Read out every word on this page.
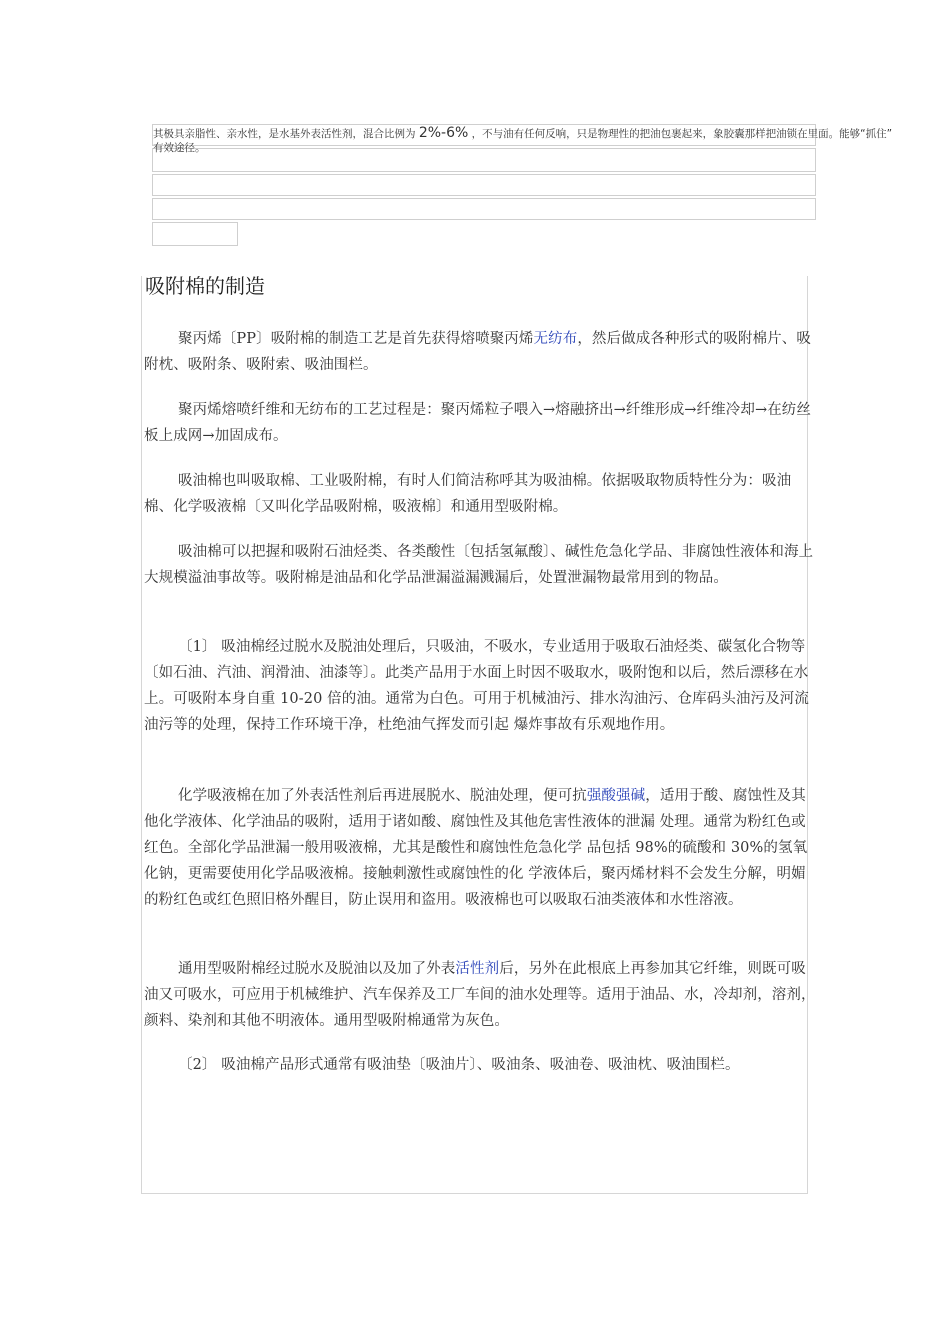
其极具亲脂性、亲水性，是水基外表活性剂，混合比例为 2%-6% ，不与油有任何反响，只是物理性的把油包裹起来，象胶囊那样把油锁在里面。能够“抓住”
有效途径。
吸附棉的制造

聚丙烯〔PP〕吸附棉的制造工艺是首先获得熔喷聚丙烯无纺布，然后做成各种形式的吸附棉片、吸附枕、吸附条、吸附索、吸油围栏。

聚丙烯熔喷纤维和无纺布的工艺过程是：聚丙烯粒子喂入→熔融挤出→纤维形成→纤维冷却→在纺丝板上成网→加固成布。

吸油棉也叫吸取棉、工业吸附棉，有时人们简洁称呼其为吸油棉。依据吸取物质特性分为：吸油棉、化学吸液棉〔又叫化学品吸附棉，吸液棉〕和通用型吸附棉。

吸油棉可以把握和吸附石油烃类、各类酸性〔包括氢氟酸〕、碱性危急化学品、非腐蚀性液体和海上大规模溢油事故等。吸附棉是油品和化学品泄漏溢漏溅漏后，处置泄漏物最常用到的物品。

〔1〕 吸油棉经过脱水及脱油处理后，只吸油，不吸水，专业适用于吸取石油烃类、碳氢化合物等〔如石油、汽油、润滑油、油漆等〕。此类产品用于水面上时因不吸取水，吸附饱和以后，然后漂移在水上。可吸附本身自重 10-20 倍的油。通常为白色。可用于机械油污、排水沟油污、仓库码头油污及河流油污等的处理，保持工作环境干净，杜绝油气挥发而引起 爆炸事故有乐观地作用。

化学吸液棉在加了外表活性剂后再进展脱水、脱油处理，便可抗强酸强碱，适用于酸、腐蚀性及其他化学液体、化学油品的吸附，适用于诸如酸、腐蚀性及其他危害性液体的泄漏 处理。通常为粉红色或红色。全部化学品泄漏一般用吸液棉，尤其是酸性和腐蚀性危急化学 品包括 98%的硫酸和 30%的氢氧化钠，更需要使用化学品吸液棉。接触刺激性或腐蚀性的化 学液体后，聚丙烯材料不会发生分解，明媚的粉红色或红色照旧格外醒目，防止误用和盗用。吸液棉也可以吸取石油类液体和水性溶液。

通用型吸附棉经过脱水及脱油以及加了外表活性剂后，另外在此根底上再参加其它纤维，则既可吸油又可吸水，可应用于机械维护、汽车保养及工厂车间的油水处理等。适用于油品、水，冷却剂，溶剂，颜料、染剂和其他不明液体。通用型吸附棉通常为灰色。

〔2〕 吸油棉产品形式通常有吸油垫〔吸油片〕、吸油条、吸油卷、吸油枕、吸油围栏。
